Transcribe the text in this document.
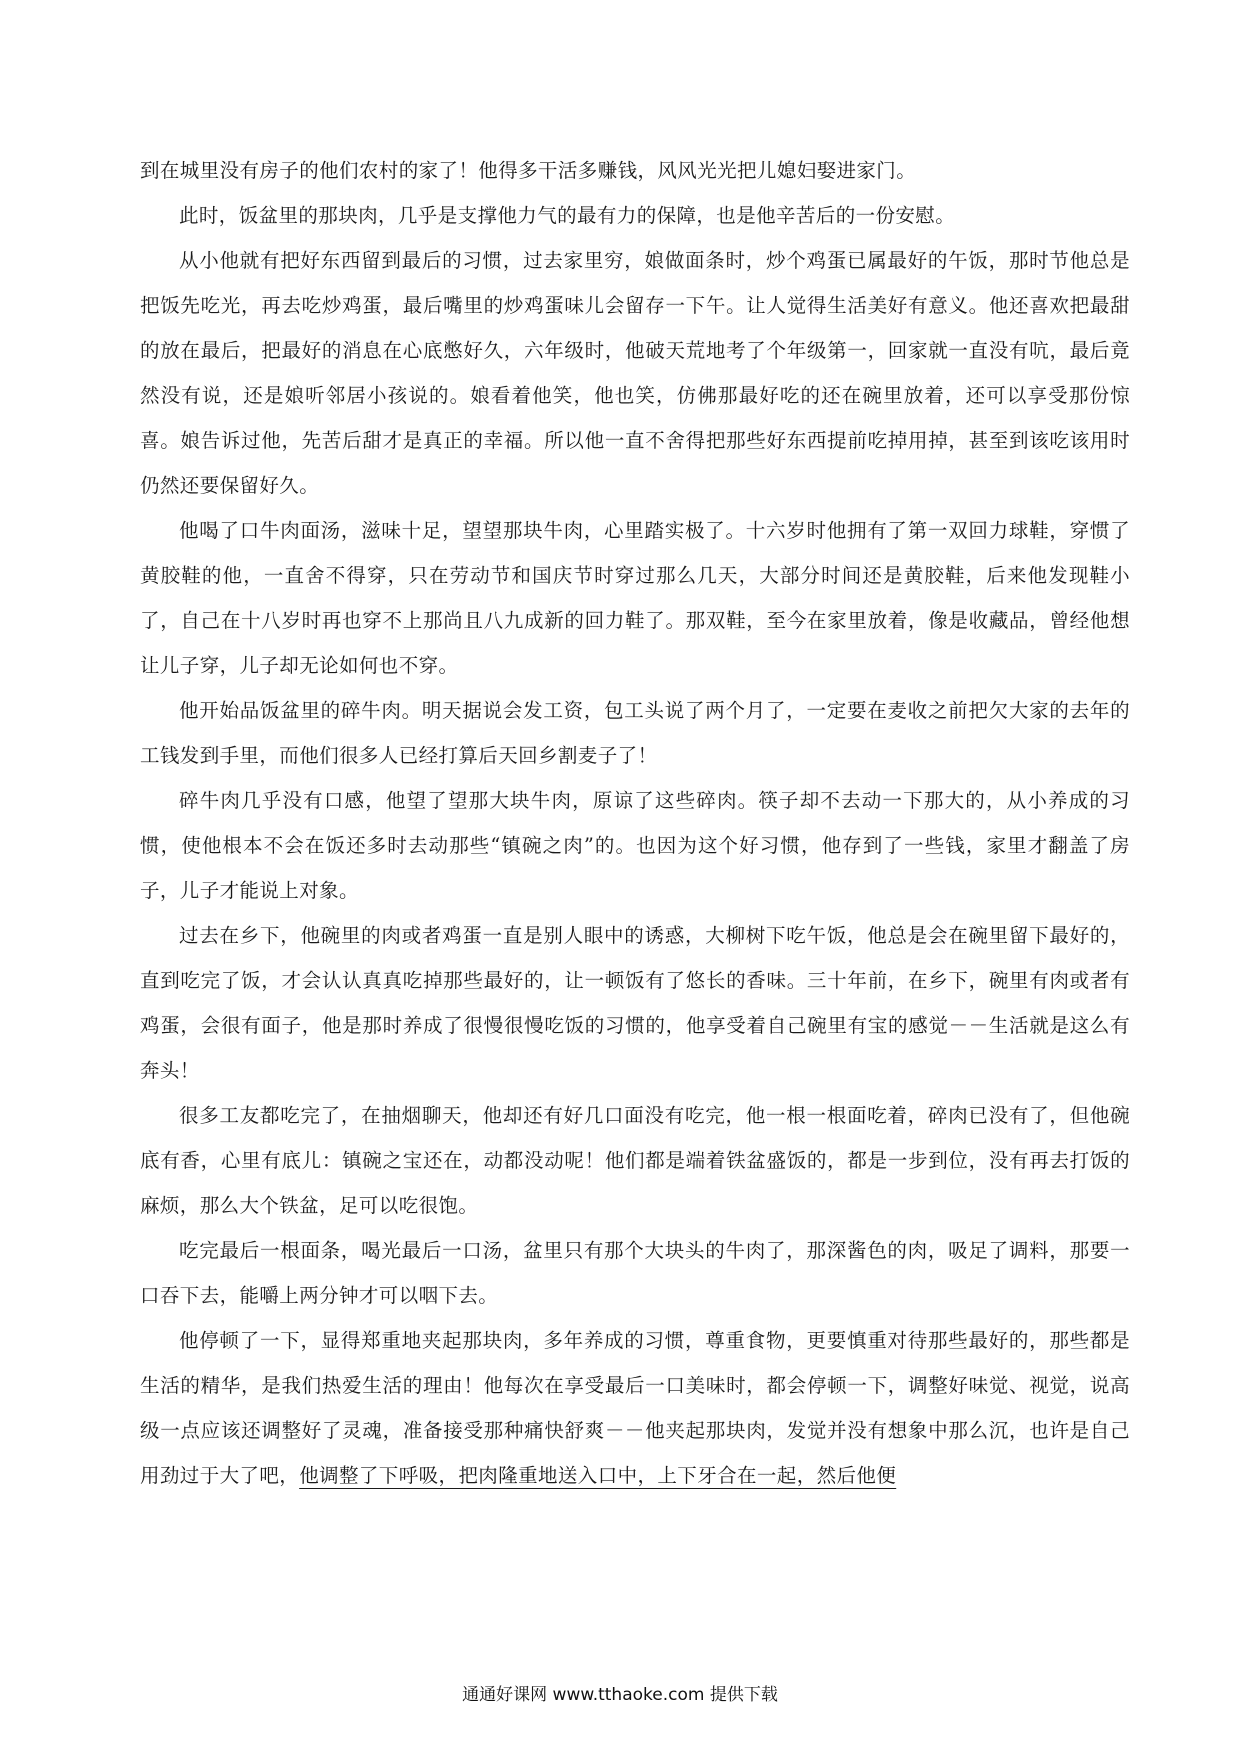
到在城里没有房子的他们农村的家了！他得多干活多赚钱，风风光光把儿媳妇娶进家门。

此时，饭盆里的那块肉，几乎是支撑他力气的最有力的保障，也是他辛苦后的一份安慰。

从小他就有把好东西留到最后的习惯，过去家里穷，娘做面条时，炒个鸡蛋已属最好的午饭，那时节他总是把饭先吃光，再去吃炒鸡蛋，最后嘴里的炒鸡蛋味儿会留存一下午。让人觉得生活美好有意义。他还喜欢把最甜的放在最后，把最好的消息在心底憋好久，六年级时，他破天荒地考了个年级第一，回家就一直没有吭，最后竟然没有说，还是娘听邻居小孩说的。娘看着他笑，他也笑，仿佛那最好吃的还在碗里放着，还可以享受那份惊喜。娘告诉过他，先苦后甜才是真正的幸福。所以他一直不舍得把那些好东西提前吃掉用掉，甚至到该吃该用时仍然还要保留好久。

他喝了口牛肉面汤，滋味十足，望望那块牛肉，心里踏实极了。十六岁时他拥有了第一双回力球鞋，穿惯了黄胶鞋的他，一直舍不得穿，只在劳动节和国庆节时穿过那么几天，大部分时间还是黄胶鞋，后来他发现鞋小了，自己在十八岁时再也穿不上那尚且八九成新的回力鞋了。那双鞋，至今在家里放着，像是收藏品，曾经他想让儿子穿，儿子却无论如何也不穿。

他开始品饭盆里的碎牛肉。明天据说会发工资，包工头说了两个月了，一定要在麦收之前把欠大家的去年的工钱发到手里，而他们很多人已经打算后天回乡割麦子了！

碎牛肉几乎没有口感，他望了望那大块牛肉，原谅了这些碎肉。筷子却不去动一下那大的，从小养成的习惯，使他根本不会在饭还多时去动那些“镇碗之肉”的。也因为这个好习惯，他存到了一些钱，家里才翻盖了房子，儿子才能说上对象。

过去在乡下，他碗里的肉或者鸡蛋一直是别人眼中的诱惑，大柳树下吃午饭，他总是会在碗里留下最好的，直到吃完了饭，才会认认真真吃掉那些最好的，让一顿饭有了悠长的香味。三十年前，在乡下，碗里有肉或者有鸡蛋，会很有面子，他是那时养成了很慢很慢吃饭的习惯的，他享受着自己碗里有宝的感觉－－生活就是这么有奔头！

很多工友都吃完了，在抽烟聊天，他却还有好几口面没有吃完，他一根一根面吃着，碎肉已没有了，但他碗底有香，心里有底儿：镇碗之宝还在，动都没动呢！他们都是端着铁盆盛饭的，都是一步到位，没有再去打饭的麻烦，那么大个铁盆，足可以吃很饱。

吃完最后一根面条，喝光最后一口汤，盆里只有那个大块头的牛肉了，那深酱色的肉，吸足了调料，那要一口吞下去，能嚼上两分钟才可以咽下去。

他停顿了一下，显得郑重地夹起那块肉，多年养成的习惯，尊重食物，更要慎重对待那些最好的，那些都是生活的精华，是我们热爱生活的理由！他每次在享受最后一口美味时，都会停顿一下，调整好味觉、视觉，说高级一点应该还调整好了灵魂，准备接受那种痛快舒爽－－他夹起那块肉，发觉并没有想象中那么沉，也许是自己用劲过于大了吧，他调整了下呼吸，把肉隆重地送入口中，上下牙合在一起，然后他便

通通好课网 www.tthaoke.com 提供下载
